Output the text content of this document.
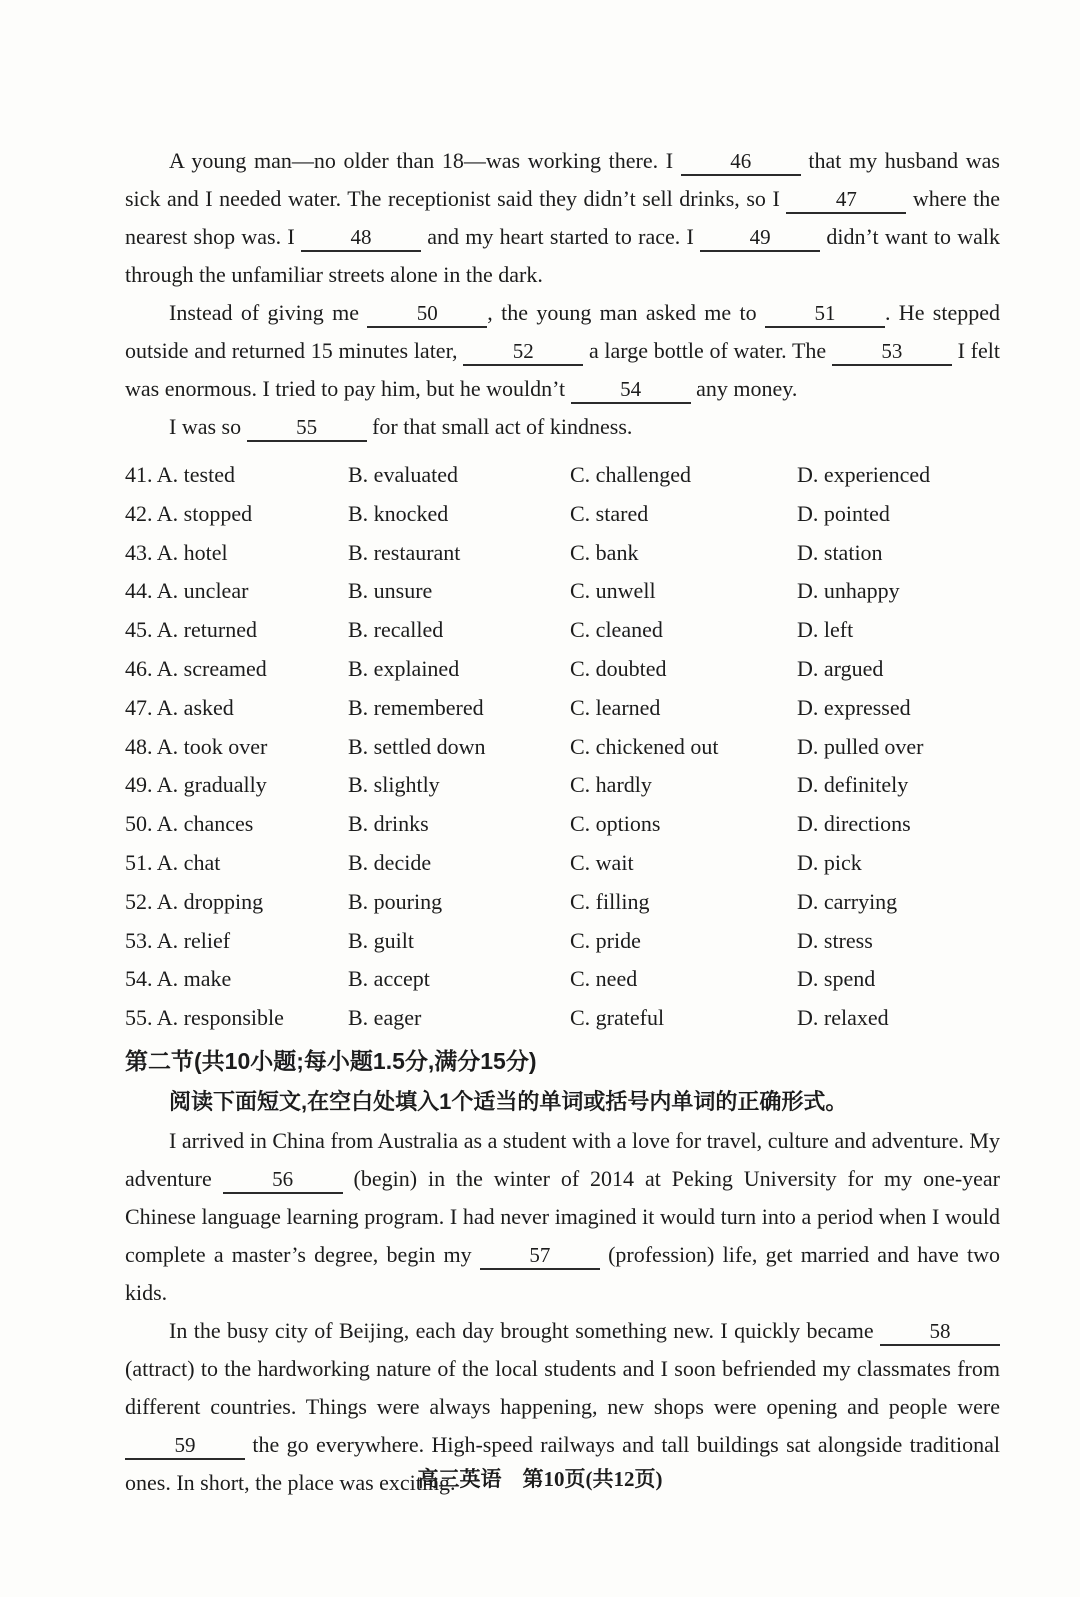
A young man—no older than 18—was working there. I 46 that my husband was sick and I needed water. The receptionist said they didn’t sell drinks, so I 47 where the nearest shop was. I 48 and my heart started to race. I 49 didn’t want to walk through the unfamiliar streets alone in the dark.

Instead of giving me 50 , the young man asked me to 51 . He stepped outside and returned 15 minutes later, 52 a large bottle of water. The 53 I felt was enormous. I tried to pay him, but he wouldn’t 54 any money.

I was so 55 for that small act of kindness.

41. A. tested	B. evaluated	C. challenged	D. experienced
42. A. stopped	B. knocked	C. stared	D. pointed
43. A. hotel	B. restaurant	C. bank	D. station
44. A. unclear	B. unsure	C. unwell	D. unhappy
45. A. returned	B. recalled	C. cleaned	D. left
46. A. screamed	B. explained	C. doubted	D. argued
47. A. asked	B. remembered	C. learned	D. expressed
48. A. took over	B. settled down	C. chickened out	D. pulled over
49. A. gradually	B. slightly	C. hardly	D. definitely
50. A. chances	B. drinks	C. options	D. directions
51. A. chat	B. decide	C. wait	D. pick
52. A. dropping	B. pouring	C. filling	D. carrying
53. A. relief	B. guilt	C. pride	D. stress
54. A. make	B. accept	C. need	D. spend
55. A. responsible	B. eager	C. grateful	D. relaxed
第二节(共10小题;每小题1.5分,满分15分)

阅读下面短文,在空白处填入1个适当的单词或括号内单词的正确形式。

I arrived in China from Australia as a student with a love for travel, culture and adventure. My adventure 56 (begin) in the winter of 2014 at Peking University for my one-year Chinese language learning program. I had never imagined it would turn into a period when I would complete a master’s degree, begin my 57 (profession) life, get married and have two kids.

In the busy city of Beijing, each day brought something new. I quickly became 58 (attract) to the hardworking nature of the local students and I soon befriended my classmates from different countries. Things were always happening, new shops were opening and people were 59 the go everywhere. High-speed railways and tall buildings sat alongside traditional ones. In short, the place was exciting.

高三英语　第10页(共12页)
